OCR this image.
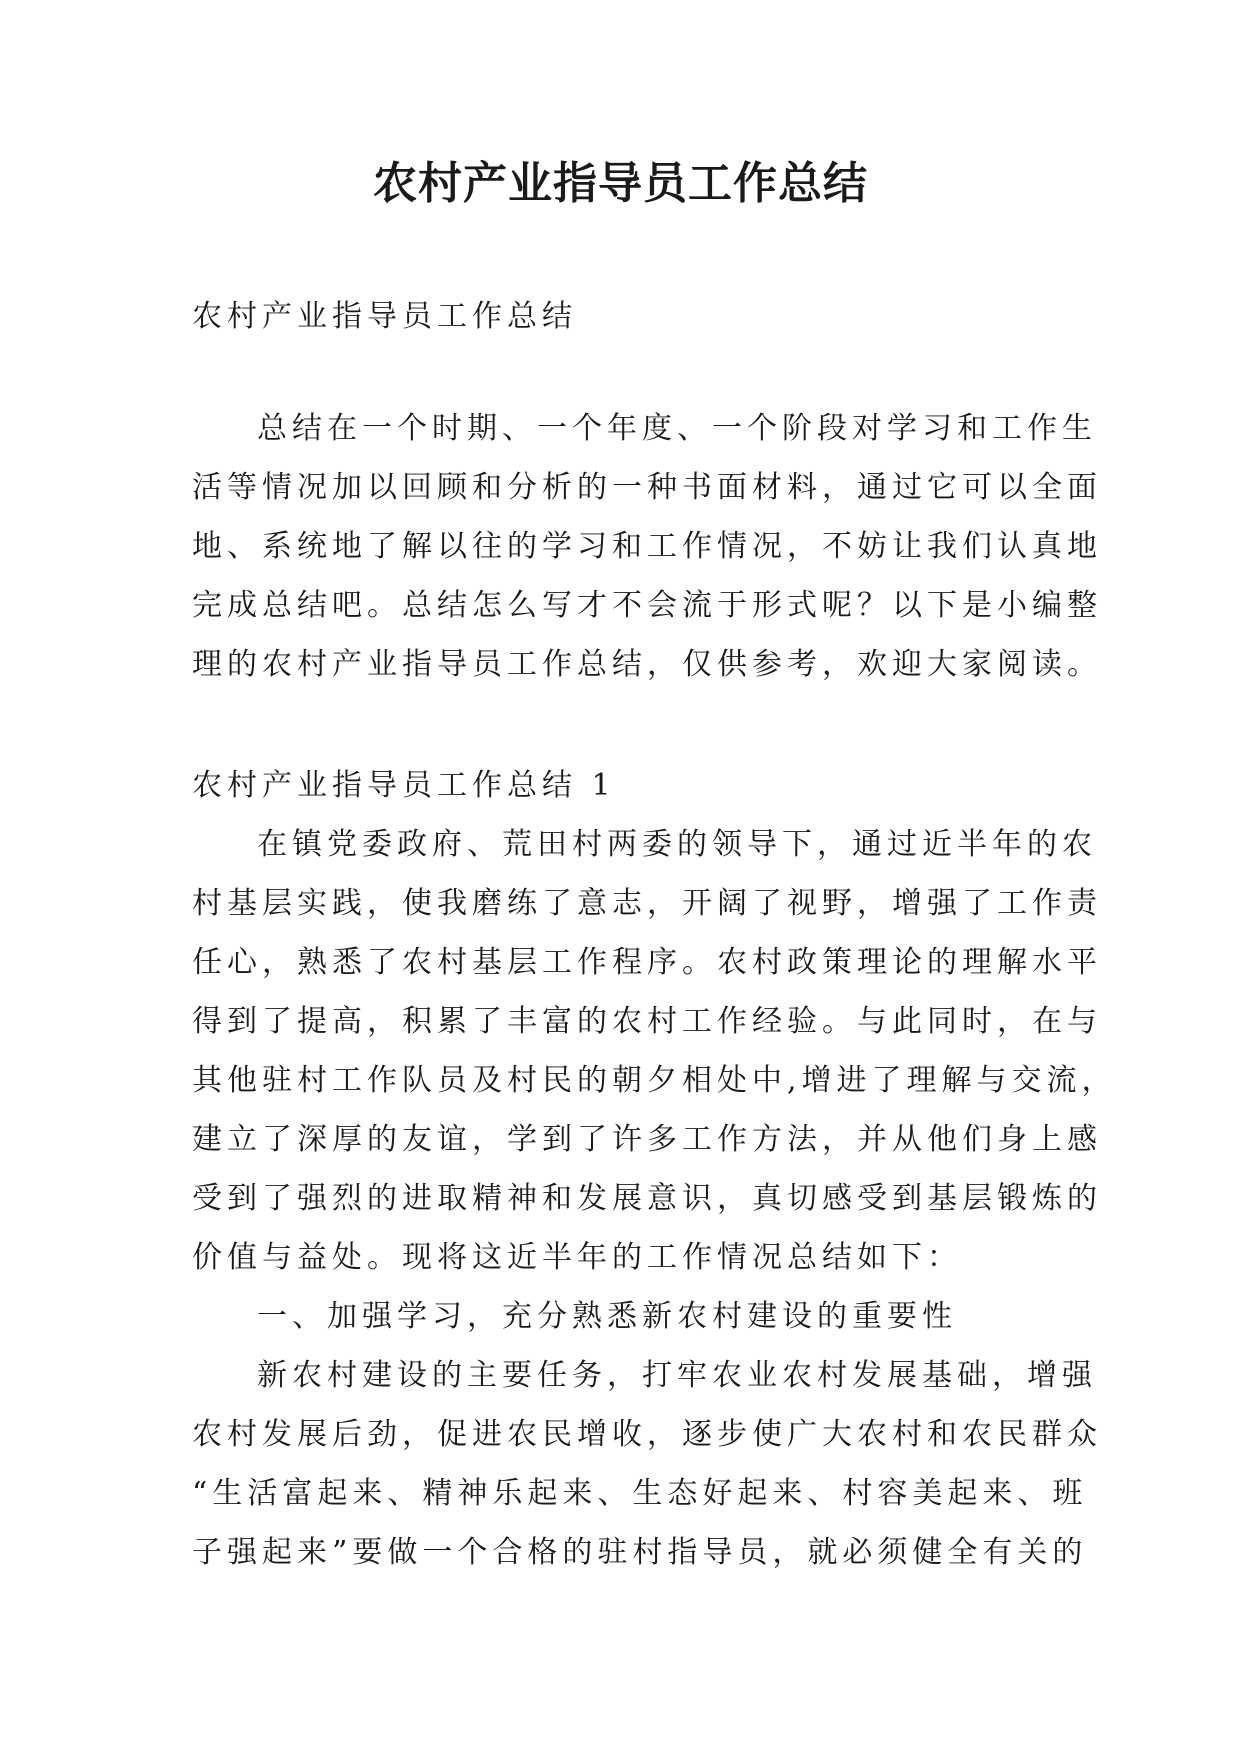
农村产业指导员工作总结
农村产业指导员工作总结
总结在一个时期、一个年度、一个阶段对学习和工作生
活等情况加以回顾和分析的一种书面材料，通过它可以全面
地、系统地了解以往的学习和工作情况，不妨让我们认真地
完成总结吧。总结怎么写才不会流于形式呢？以下是小编整
理的农村产业指导员工作总结，仅供参考，欢迎大家阅读。
农村产业指导员工作总结 1
在镇党委政府、荒田村两委的领导下，通过近半年的农
村基层实践，使我磨练了意志，开阔了视野，增强了工作责
任心，熟悉了农村基层工作程序。农村政策理论的理解水平
得到了提高，积累了丰富的农村工作经验。与此同时，在与
其他驻村工作队员及村民的朝夕相处中,增进了理解与交流，
建立了深厚的友谊，学到了许多工作方法，并从他们身上感
受到了强烈的进取精神和发展意识，真切感受到基层锻炼的
价值与益处。现将这近半年的工作情况总结如下：
一、加强学习，充分熟悉新农村建设的重要性
新农村建设的主要任务，打牢农业农村发展基础，增强
农村发展后劲，促进农民增收，逐步使广大农村和农民群众
“生活富起来、精神乐起来、生态好起来、村容美起来、班
子强起来”要做一个合格的驻村指导员，就必须健全有关的
